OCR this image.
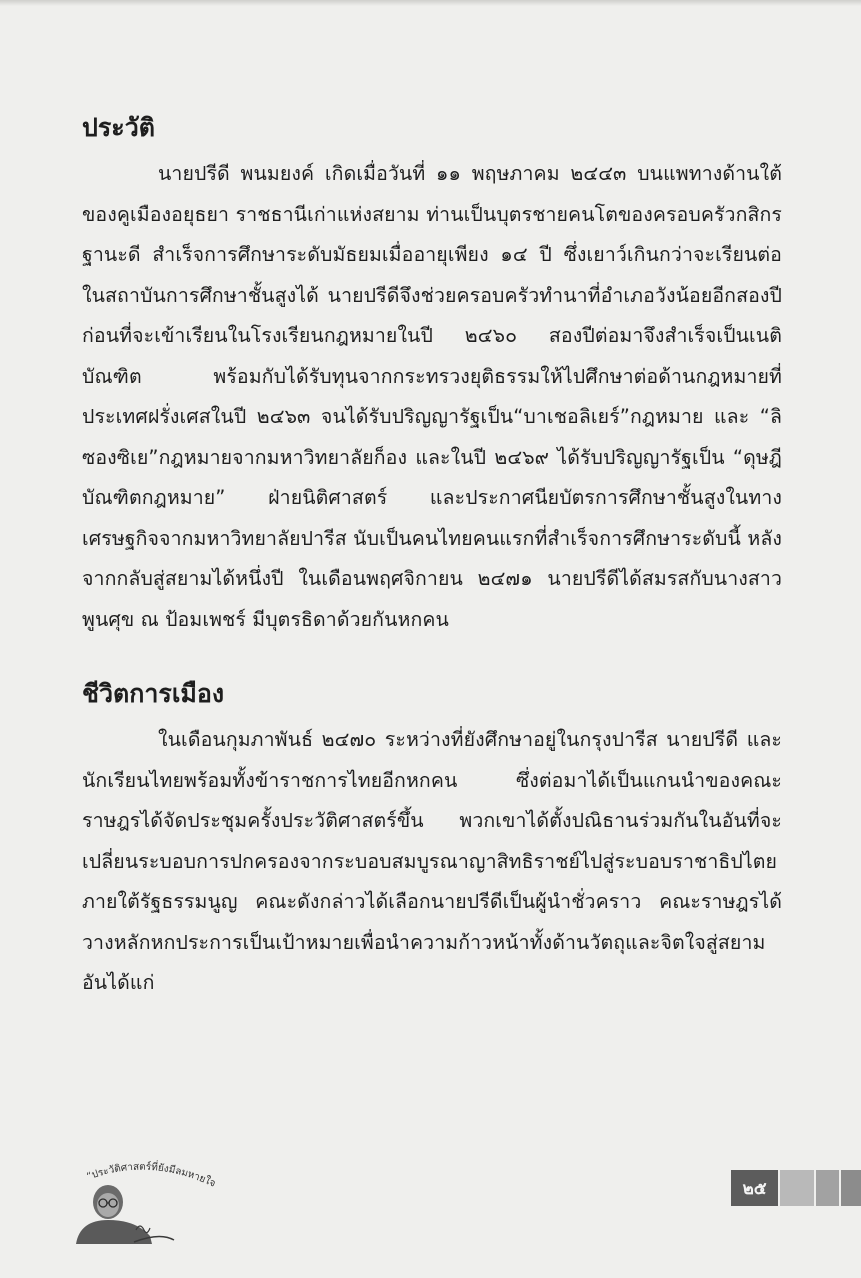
ประวัติ

นายปรีดี พนมยงค์ เกิดเมื่อวันที่ ๑๑ พฤษภาคม ๒๔๔๓ บนแพทางด้านใต้ของคูเมืองอยุธยา ราชธานีเก่าแห่งสยาม ท่านเป็นบุตรชายคนโตของครอบครัวกสิกรฐานะดี สำเร็จการศึกษาระดับมัธยมเมื่ออายุเพียง ๑๔ ปี ซึ่งเยาว์เกินกว่าจะเรียนต่อในสถาบันการศึกษาชั้นสูงได้ นายปรีดีจึงช่วยครอบครัวทำนาที่อำเภอวังน้อยอีกสองปี ก่อนที่จะเข้าเรียนในโรงเรียนกฎหมายในปี ๒๔๖๐ สองปีต่อมาจึงสำเร็จเป็นเนติบัณฑิต พร้อมกับได้รับทุนจากกระทรวงยุติธรรมให้ไปศึกษาต่อด้านกฎหมายที่ประเทศฝรั่งเศสในปี ๒๔๖๓ จนได้รับปริญญารัฐเป็น“บาเชอลิเยร์”กฎหมาย และ “ลิซองซิเย”กฎหมายจากมหาวิทยาลัยก็อง และในปี ๒๔๖๙ ได้รับปริญญารัฐเป็น “ดุษฎีบัณฑิตกฎหมาย” ฝ่ายนิติศาสตร์ และประกาศนียบัตรการศึกษาชั้นสูงในทางเศรษฐกิจจากมหาวิทยาลัยปารีส นับเป็นคนไทยคนแรกที่สำเร็จการศึกษาระดับนี้ หลังจากกลับสู่สยามได้หนึ่งปี ในเดือนพฤศจิกายน ๒๔๗๑ นายปรีดีได้สมรสกับนางสาวพูนศุข ณ ป้อมเพชร์ มีบุตรธิดาด้วยกันหกคน

ชีวิตการเมือง

ในเดือนกุมภาพันธ์ ๒๔๗๐ ระหว่างที่ยังศึกษาอยู่ในกรุงปารีส นายปรีดี และนักเรียนไทยพร้อมทั้งข้าราชการไทยอีกหกคน ซึ่งต่อมาได้เป็นแกนนำของคณะราษฎรได้จัดประชุมครั้งประวัติศาสตร์ขึ้น พวกเขาได้ตั้งปณิธานร่วมกันในอันที่จะเปลี่ยนระบอบการปกครองจากระบอบสมบูรณาญาสิทธิราชย์ไปสู่ระบอบราชาธิปไตยภายใต้รัฐธรรมนูญ คณะดังกล่าวได้เลือกนายปรีดีเป็นผู้นำชั่วคราว คณะราษฎรได้วางหลักหกประการเป็นเป้าหมายเพื่อนำความก้าวหน้าทั้งด้านวัตถุและจิตใจสู่สยาม อันได้แก่

“ประวัติศาสตร์ที่ยังมีลมหายใจ	๒๕
